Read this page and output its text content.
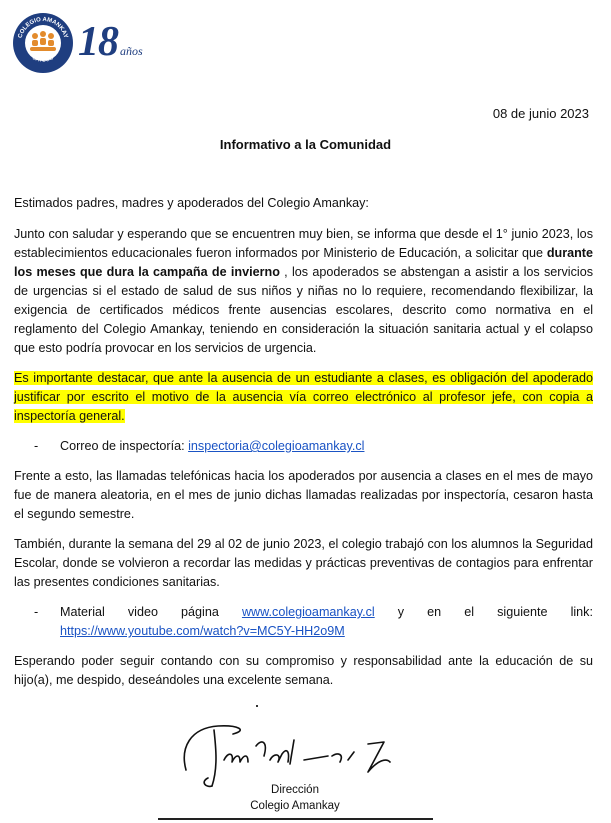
COLEGIO AMANKAY
BATUCO 18 años
08 de junio 2023
Informativo a la Comunidad

Estimados padres, madres y apoderados del Colegio Amankay:

Junto con saludar y esperando que se encuentren muy bien, se informa que desde el 1° junio 2023, los establecimientos educacionales fueron informados por Ministerio de Educación, a solicitar que durante los meses que dura la campaña de invierno , los apoderados se abstengan a asistir a los servicios de urgencias si el estado de salud de sus niños y niñas no lo requiere, recomendando flexibilizar, la exigencia de certificados médicos frente ausencias escolares, descrito como normativa en el reglamento del Colegio Amankay, teniendo en consideración la situación sanitaria actual y el colapso que esto podría provocar en los servicios de urgencia.

Es importante destacar, que ante la ausencia de un estudiante a clases, es obligación del apoderado justificar por escrito el motivo de la ausencia vía correo electrónico al profesor jefe, con copia a inspectoría general.

-	Correo de inspectoría: inspectoria@colegioamankay.cl

Frente a esto, las llamadas telefónicas hacia los apoderados por ausencia a clases en el mes de mayo fue de manera aleatoria, en el mes de junio dichas llamadas realizadas por inspectoría, cesaron hasta el segundo semestre.

También, durante la semana del 29 al 02 de junio 2023, el colegio trabajó con los alumnos la Seguridad Escolar, donde se volvieron a recordar las medidas y prácticas preventivas de contagios para enfrentar las presentes condiciones sanitarias.

-	Material   video   página   www.colegioamankay.cl   y   en   el   siguiente   link: https://www.youtube.com/watch?v=MC5Y-HH2o9M

Esperando poder seguir contando con su compromiso y responsabilidad ante la educación de su hijo(a), me despido, deseándoles una excelente semana.

Dirección
Colegio Amankay
